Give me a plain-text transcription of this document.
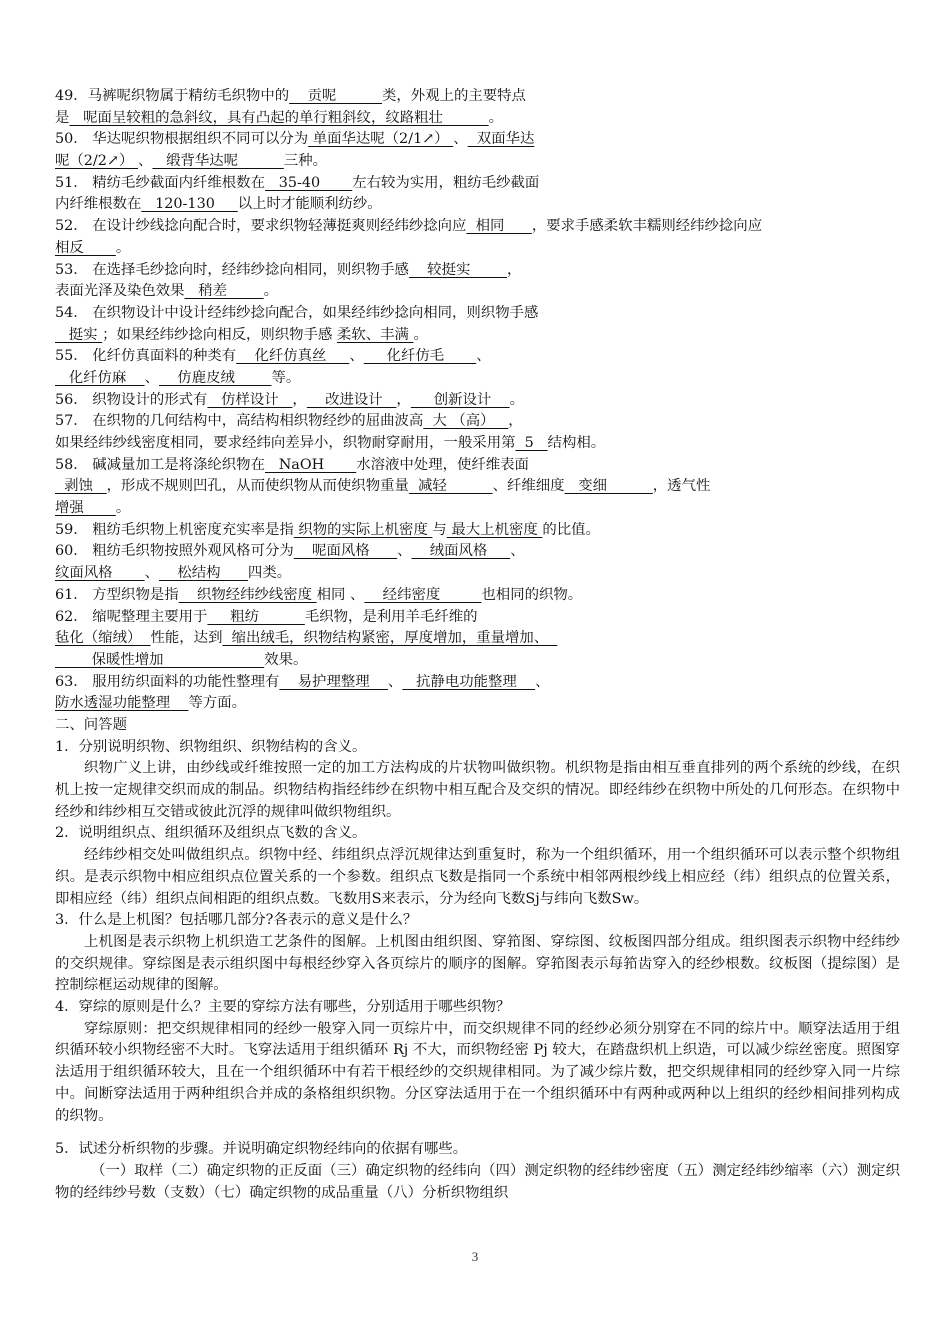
49．马裤呢织物属于精纺毛织物中的    贡呢          类，外观上的主要特点
是   呢面呈较粗的急斜纹，具有凸起的单行粗斜纹，纹路粗壮          。
50． 华达呢织物根据组织不同可以分为 单面华达呢（2/1↗） 、  双面华达
呢（2/2↗） 、   缎背华达呢          三种。
51． 精纺毛纱截面内纤维根数在   35-40       左右较为实用，粗纺毛纱截面
内纤维根数在   120-130     以上时才能顺利纺纱。
52． 在设计纱线捻向配合时，要求织物轻薄挺爽则经纬纱捻向应  相同      ，要求手感柔软丰糯则经纬纱捻向应
相反       。
53． 在选择毛纱捻向时，经纬纱捻向相同，则织物手感    较挺实        ，
表面光泽及染色效果   稍差        。
54． 在织物设计中设计经纬纱捻向配合，如果经纬纱捻向相同，则织物手感
挺实 ；如果经纬纱捻向相反，则织物手感 柔软、丰满 。
55． 化纤仿真面料的种类有    化纤仿真丝     、     化纤仿毛       、
化纤仿麻    、    仿鹿皮绒        等。
56． 织物设计的形式有   仿样设计   ，    改进设计   ，     创新设计    。
57． 在织物的几何结构中，高结构相织物经纱的屈曲波高  大 （高）   ，
如果经纬纱线密度相同，要求经纬向差异小，织物耐穿耐用，一般采用第  5   结构相。
58． 碱减量加工是将涤纶织物在   NaOH       水溶液中处理，使纤维表面
剥蚀   ，形成不规则凹孔，从而使织物从而使织物重量  减轻          、纤维细度   变细          ，透气性
增强       。
59． 粗纺毛织物上机密度充实率是指 织物的实际上机密度 与 最大上机密度 的比值。
60． 粗纺毛织物按照外观风格可分为    呢面风格      、    绒面风格     、
纹面风格       、    松结构      四类。
61． 方型织物是指    织物经纬纱线密度 相同 、    经纬密度         也相同的织物。
62． 缩呢整理主要用于     粗纺          毛织物，是利用羊毛纤维的
毡化（缩绒）  性能，达到  缩出绒毛，织物结构紧密，厚度增加，重量增加、
保暖性增加                      效果。
63． 服用纺织面料的功能性整理有    易护理整理    、   抗静电功能整理    、
防水透湿功能整理    等方面。
二、问答题
1．分别说明织物、织物组织、织物结构的含义。
织物广义上讲，由纱线或纤维按照一定的加工方法构成的片状物叫做织物。机织物是指由相互垂直排列的两个系统的纱线，在织机上按一定规律交织而成的制品。织物结构指经纬纱在织物中相互配合及交织的情况。即经纬纱在织物中所处的几何形态。在织物中经纱和纬纱相互交错或彼此沉浮的规律叫做织物组织。
2．说明组织点、组织循环及组织点飞数的含义。
经纬纱相交处叫做组织点。织物中经、纬组织点浮沉规律达到重复时，称为一个组织循环，用一个组织循环可以表示整个织物组织。是表示织物中相应组织点位置关系的一个参数。组织点飞数是指同一个系统中相邻两根纱线上相应经（纬）组织点的位置关系，即相应经（纬）组织点间相距的组织点数。飞数用S来表示，分为经向飞数Sj与纬向飞数Sw。
3．什么是上机图？包括哪几部分?各表示的意义是什么？
上机图是表示织物上机织造工艺条件的图解。上机图由组织图、穿筘图、穿综图、纹板图四部分组成。组织图表示织物中经纬纱的交织规律。穿综图是表示组织图中每根经纱穿入各页综片的顺序的图解。穿筘图表示每筘齿穿入的经纱根数。纹板图（提综图）是控制综框运动规律的图解。
4．穿综的原则是什么？主要的穿综方法有哪些，分别适用于哪些织物？
穿综原则：把交织规律相同的经纱一般穿入同一页综片中，而交织规律不同的经纱必须分别穿在不同的综片中。顺穿法适用于组织循环较小织物经密不大时。飞穿法适用于组织循环 Rj 不大，而织物经密 Pj 较大，在踏盘织机上织造，可以减少综丝密度。照图穿法适用于组织循环较大，且在一个组织循环中有若干根经纱的交织规律相同。为了减少综片数，把交织规律相同的经纱穿入同一片综中。间断穿法适用于两种组织合并成的条格组织织物。分区穿法适用于在一个组织循环中有两种或两种以上组织的经纱相间排列构成的织物。
5．试述分析织物的步骤。并说明确定织物经纬向的依据有哪些。
（一）取样（二）确定织物的正反面（三）确定织物的经纬向（四）测定织物的经纬纱密度（五）测定经纬纱缩率（六）测定织物的经纬纱号数（支数）（七）确定织物的成品重量（八）分析织物组织
3
